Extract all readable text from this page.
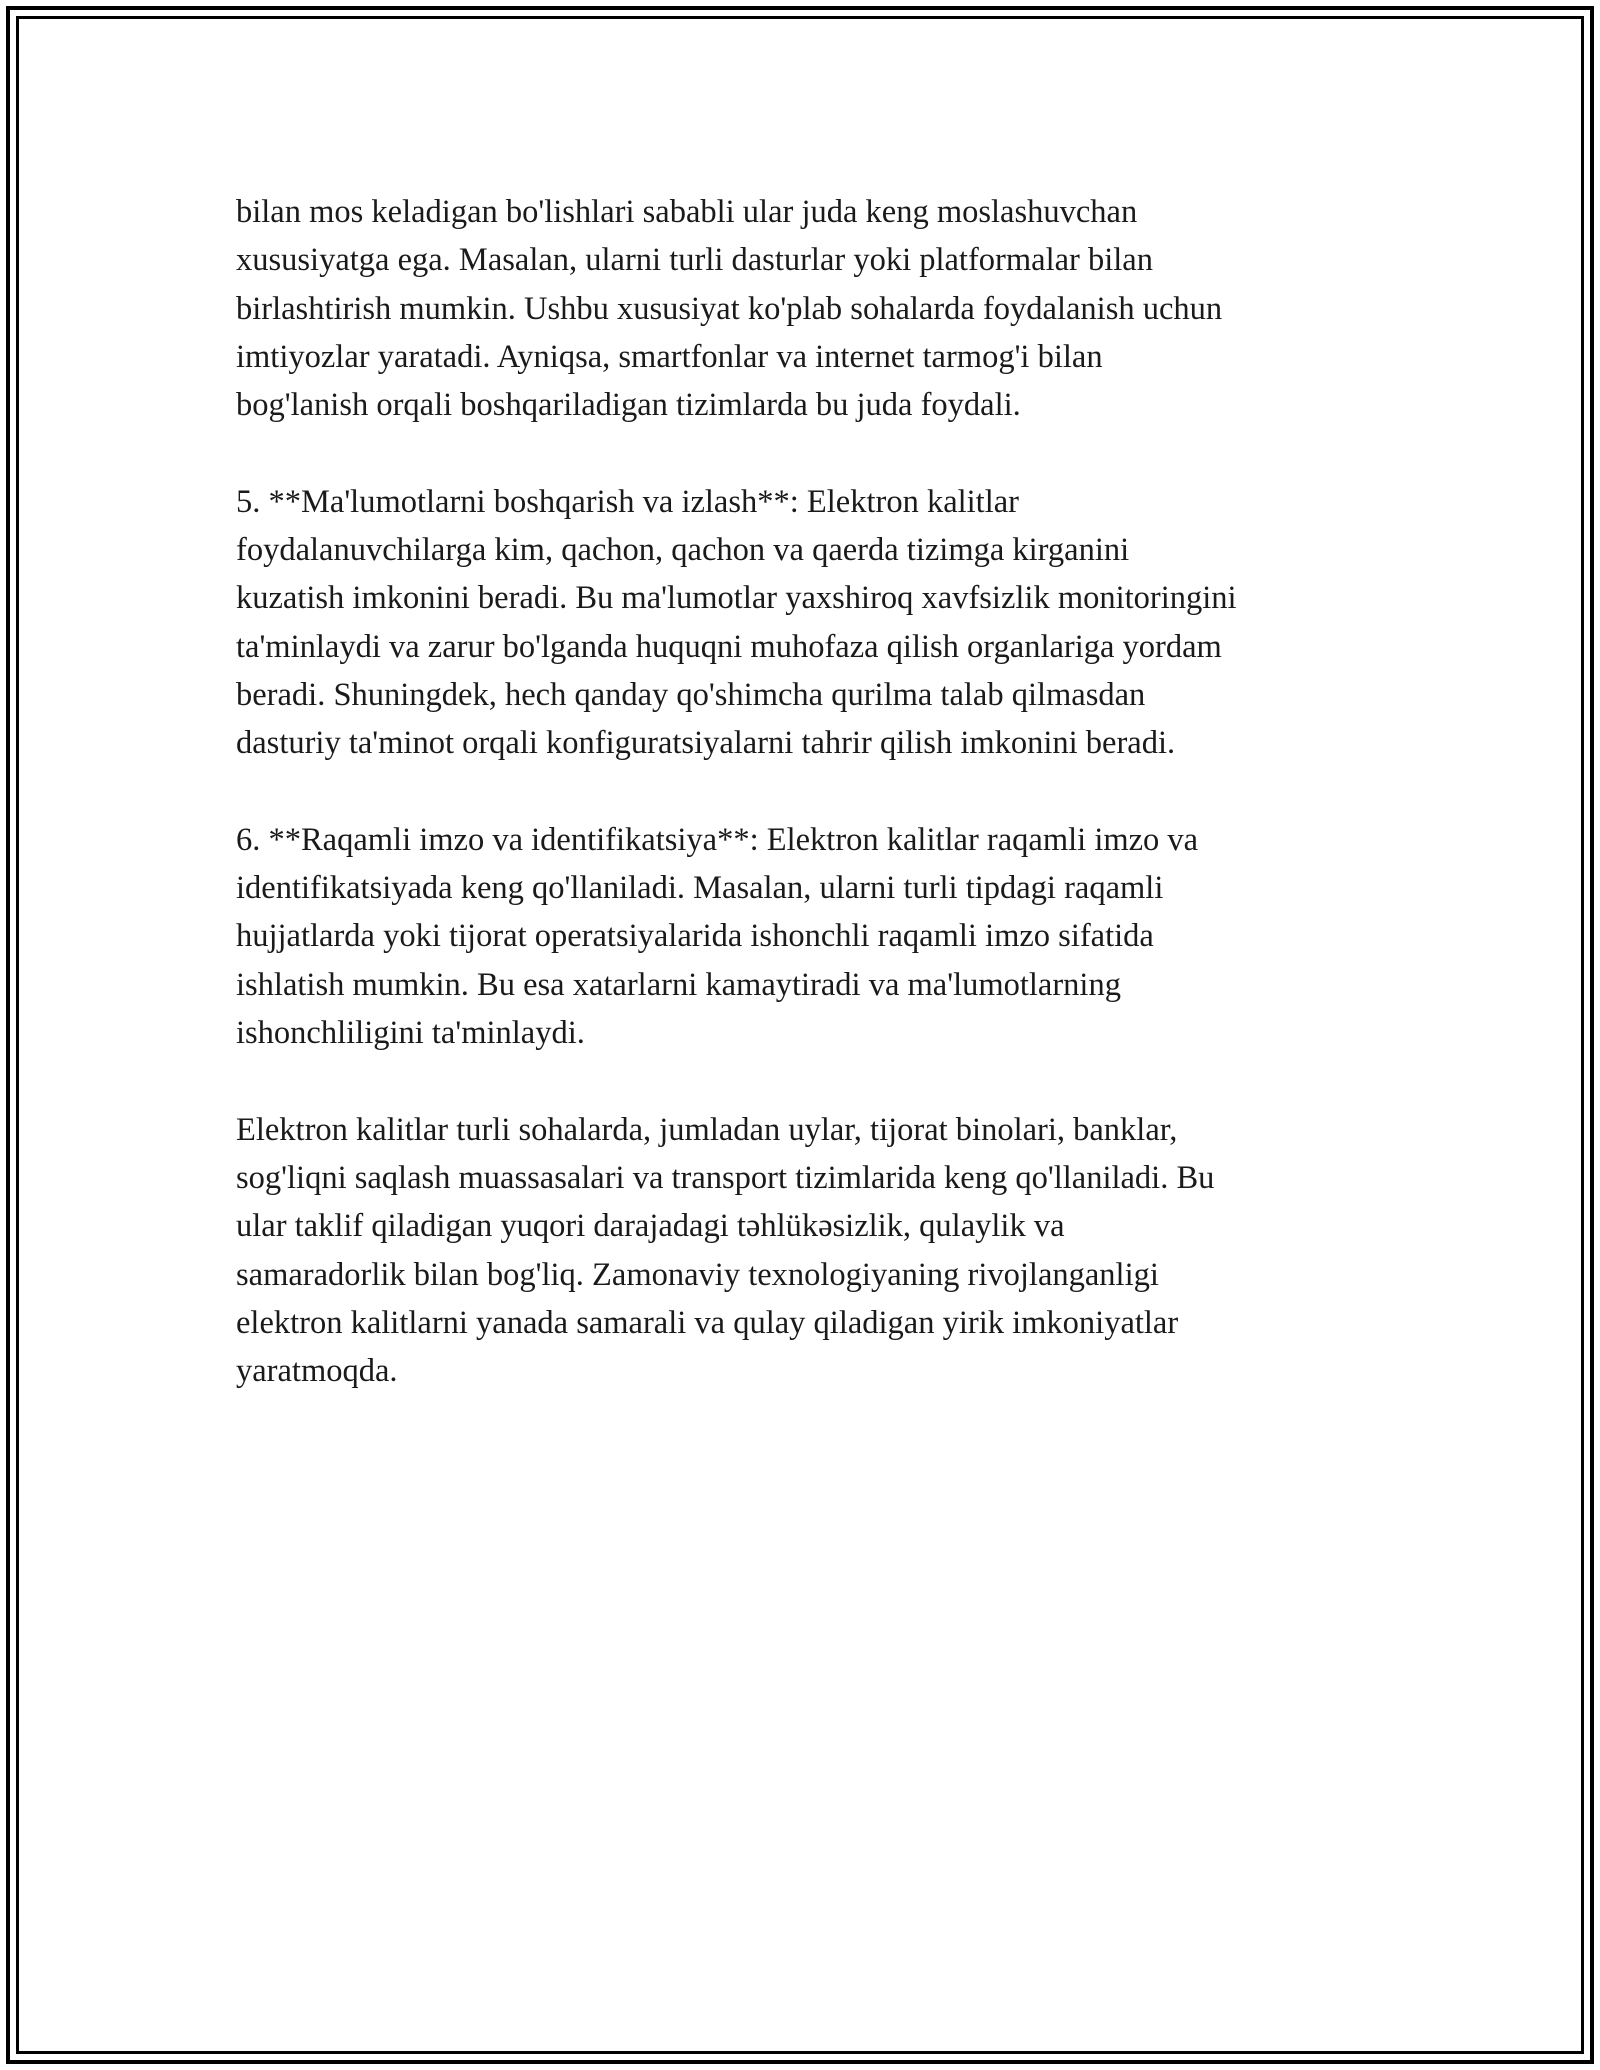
bilan mos keladigan bo'lishlari sababli ular juda keng moslashuvchan
xususiyatga ega. Masalan, ularni turli dasturlar yoki platformalar bilan
birlashtirish mumkin. Ushbu xususiyat ko'plab sohalarda foydalanish uchun
imtiyozlar yaratadi. Ayniqsa, smartfonlar va internet tarmog'i bilan
bog'lanish orqali boshqariladigan tizimlarda bu juda foydali.

5. **Ma'lumotlarni boshqarish va izlash**: Elektron kalitlar
foydalanuvchilarga kim, qachon, qachon va qaerda tizimga kirganini
kuzatish imkonini beradi. Bu ma'lumotlar yaxshiroq xavfsizlik monitoringini
ta'minlaydi va zarur bo'lganda huquqni muhofaza qilish organlariga yordam
beradi. Shuningdek, hech qanday qo'shimcha qurilma talab qilmasdan
dasturiy ta'minot orqali konfiguratsiyalarni tahrir qilish imkonini beradi.

6. **Raqamli imzo va identifikatsiya**: Elektron kalitlar raqamli imzo va
identifikatsiyada keng qo'llaniladi. Masalan, ularni turli tipdagi raqamli
hujjatlarda yoki tijorat operatsiyalarida ishonchli raqamli imzo sifatida
ishlatish mumkin. Bu esa xatarlarni kamaytiradi va ma'lumotlarning
ishonchliligini ta'minlaydi.

Elektron kalitlar turli sohalarda, jumladan uylar, tijorat binolari, banklar,
sog'liqni saqlash muassasalari va transport tizimlarida keng qo'llaniladi. Bu
ular taklif qiladigan yuqori darajadagi təhlükəsizlik, qulaylik va
samaradorlik bilan bog'liq. Zamonaviy texnologiyaning rivojlanganligi
elektron kalitlarni yanada samarali va qulay qiladigan yirik imkoniyatlar
yaratmoqda.
